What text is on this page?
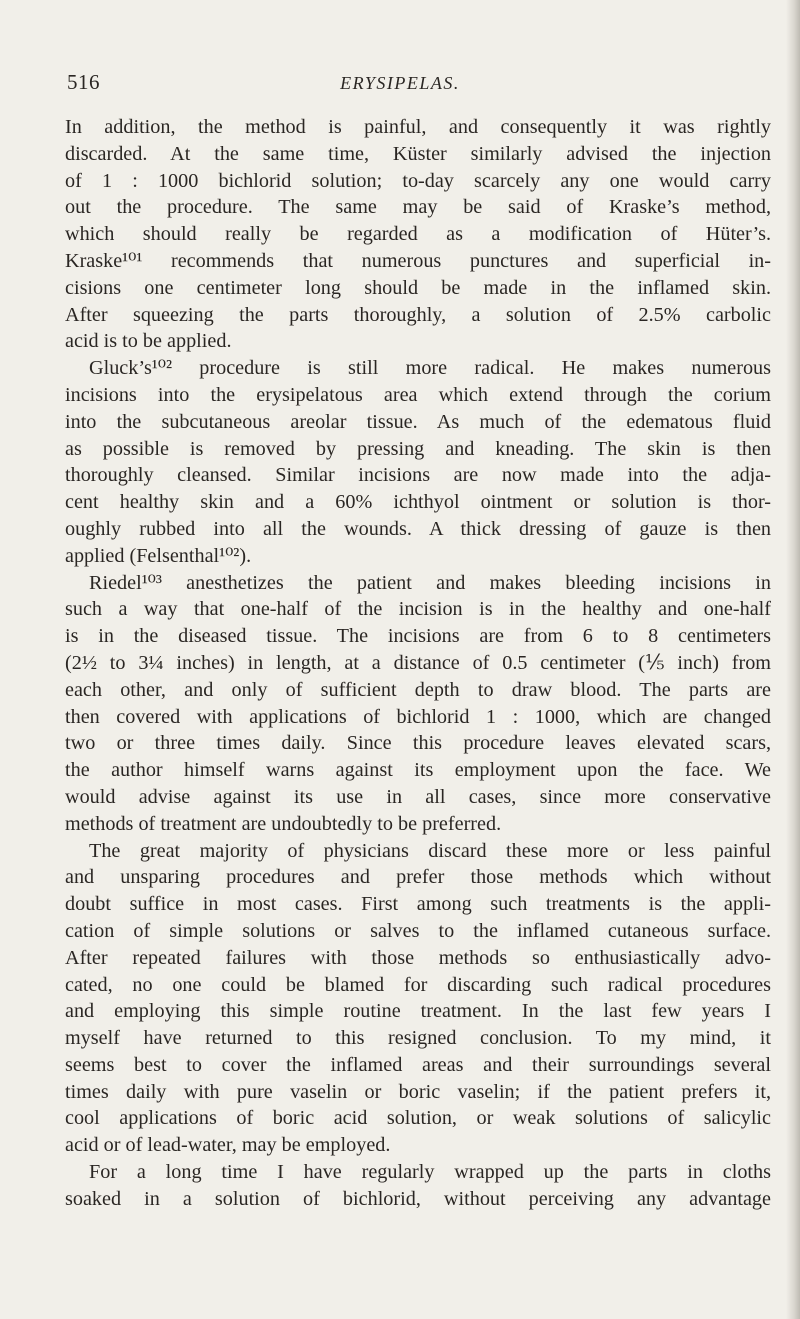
516	ERYSIPELAS.
In addition, the method is painful, and consequently it was rightly
discarded. At the same time, Küster similarly advised the injection
of 1 : 1000 bichlorid solution; to-day scarcely any one would carry
out the procedure. The same may be said of Kraske’s method,
which should really be regarded as a modification of Hüter’s.
Kraske¹⁰¹ recommends that numerous punctures and superficial in-
cisions one centimeter long should be made in the inflamed skin.
After squeezing the parts thoroughly, a solution of 2.5% carbolic
acid is to be applied.
Gluck’s¹⁰² procedure is still more radical. He makes numerous
incisions into the erysipelatous area which extend through the corium
into the subcutaneous areolar tissue. As much of the edematous fluid
as possible is removed by pressing and kneading. The skin is then
thoroughly cleansed. Similar incisions are now made into the adja-
cent healthy skin and a 60% ichthyol ointment or solution is thor-
oughly rubbed into all the wounds. A thick dressing of gauze is then
applied (Felsenthal¹⁰²).
Riedel¹⁰³ anesthetizes the patient and makes bleeding incisions in
such a way that one-half of the incision is in the healthy and one-half
is in the diseased tissue. The incisions are from 6 to 8 centimeters
(2½ to 3¼ inches) in length, at a distance of 0.5 centimeter (⅕ inch) from
each other, and only of sufficient depth to draw blood. The parts are
then covered with applications of bichlorid 1 : 1000, which are changed
two or three times daily. Since this procedure leaves elevated scars,
the author himself warns against its employment upon the face. We
would advise against its use in all cases, since more conservative
methods of treatment are undoubtedly to be preferred.
The great majority of physicians discard these more or less painful
and unsparing procedures and prefer those methods which without
doubt suffice in most cases. First among such treatments is the appli-
cation of simple solutions or salves to the inflamed cutaneous surface.
After repeated failures with those methods so enthusiastically advo-
cated, no one could be blamed for discarding such radical procedures
and employing this simple routine treatment. In the last few years I
myself have returned to this resigned conclusion. To my mind, it
seems best to cover the inflamed areas and their surroundings several
times daily with pure vaselin or boric vaselin; if the patient prefers it,
cool applications of boric acid solution, or weak solutions of salicylic
acid or of lead-water, may be employed.
For a long time I have regularly wrapped up the parts in cloths
soaked in a solution of bichlorid, without perceiving any advantage
